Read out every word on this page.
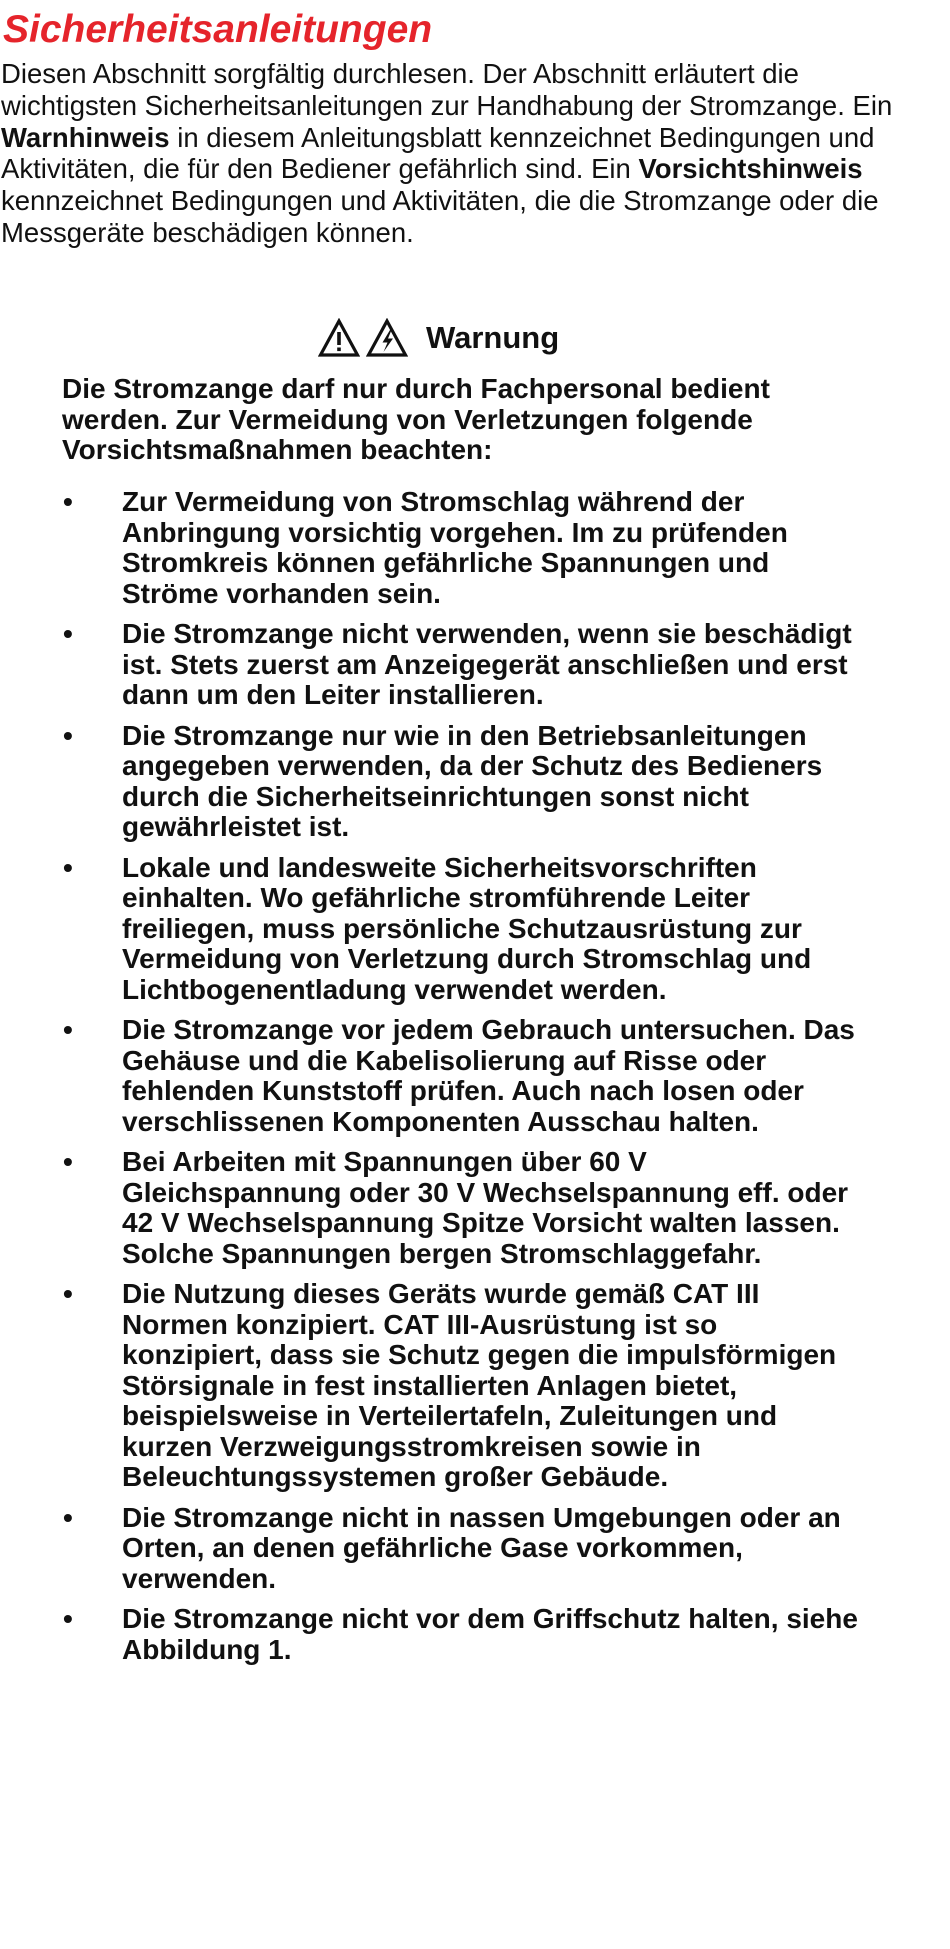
Sicherheitsanleitungen

Diesen Abschnitt sorgfältig durchlesen. Der Abschnitt erläutert die wichtigsten Sicherheitsanleitungen zur Handhabung der Stromzange. Ein Warnhinweis in diesem Anleitungsblatt kennzeichnet Bedingungen und Aktivitäten, die für den Bediener gefährlich sind. Ein Vorsichtshinweis kennzeichnet Bedingungen und Aktivitäten, die die Stromzange oder die Messgeräte beschädigen können.

Warnung

Die Stromzange darf nur durch Fachpersonal bedient werden. Zur Vermeidung von Verletzungen folgende Vorsichtsmaßnahmen beachten:

•	Zur Vermeidung von Stromschlag während der Anbringung vorsichtig vorgehen. Im zu prüfenden Stromkreis können gefährliche Spannungen und Ströme vorhanden sein.
•	Die Stromzange nicht verwenden, wenn sie beschädigt ist. Stets zuerst am Anzeigegerät anschließen und erst dann um den Leiter installieren.
•	Die Stromzange nur wie in den Betriebsanleitungen angegeben verwenden, da der Schutz des Bedieners durch die Sicherheitseinrichtungen sonst nicht gewährleistet ist.
•	Lokale und landesweite Sicherheitsvorschriften einhalten. Wo gefährliche stromführende Leiter freiliegen, muss persönliche Schutzausrüstung zur Vermeidung von Verletzung durch Stromschlag und Lichtbogenentladung verwendet werden.
•	Die Stromzange vor jedem Gebrauch untersuchen. Das Gehäuse und die Kabelisolierung auf Risse oder fehlenden Kunststoff prüfen. Auch nach losen oder verschlissenen Komponenten Ausschau halten.
•	Bei Arbeiten mit Spannungen über 60 V Gleichspannung oder 30 V Wechselspannung eff. oder 42 V Wechselspannung Spitze Vorsicht walten lassen. Solche Spannungen bergen Stromschlaggefahr.
•	Die Nutzung dieses Geräts wurde gemäß CAT III Normen konzipiert. CAT III-Ausrüstung ist so konzipiert, dass sie Schutz gegen die impulsförmigen Störsignale in fest installierten Anlagen bietet, beispielsweise in Verteilertafeln, Zuleitungen und kurzen Verzweigungsstromkreisen sowie in Beleuchtungssystemen großer Gebäude.
•	Die Stromzange nicht in nassen Umgebungen oder an Orten, an denen gefährliche Gase vorkommen, verwenden.
•	Die Stromzange nicht vor dem Griffschutz halten, siehe Abbildung 1.
